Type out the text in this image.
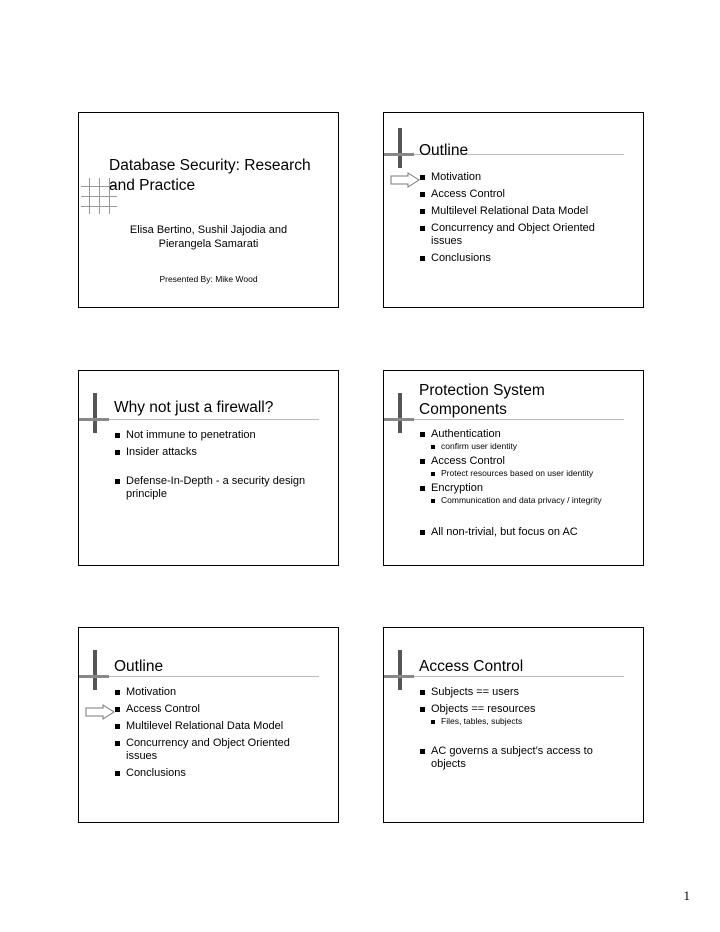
Database Security: Research
and Practice
Elisa Bertino, Sushil Jajodia and
Pierangela Samarati
Presented By: Mike Wood
Outline
Motivation
Access Control
Multilevel Relational Data Model
Concurrency and Object Oriented
issues
Conclusions
Why not just a firewall?
Not immune to penetration
Insider attacks
Defense-In-Depth - a security design
principle
Protection System
Components
Authentication
confirm user identity
Access Control
Protect resources based on user identity
Encryption
Communication and data privacy / integrity
All non-trivial, but focus on AC
Outline
Motivation
Access Control
Multilevel Relational Data Model
Concurrency and Object Oriented
issues
Conclusions
Access Control
Subjects == users
Objects == resources
Files, tables, subjects
AC governs a subject’s access to
objects
1
